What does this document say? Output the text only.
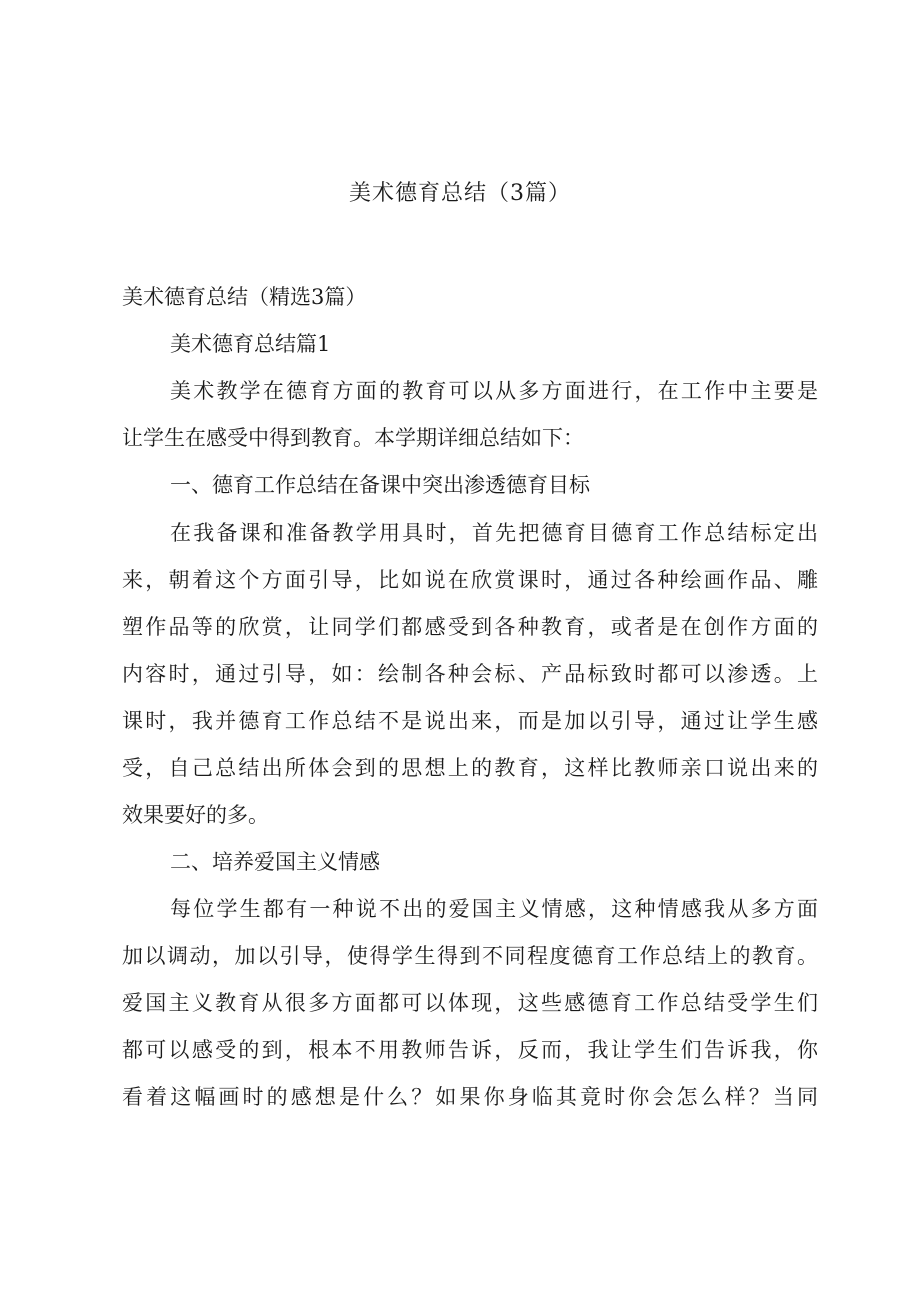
美术德育总结（3篇）
美术德育总结（精选3篇）
美术德育总结篇1
美术教学在德育方面的教育可以从多方面进行，在工作中主要是
让学生在感受中得到教育。本学期详细总结如下：
一、德育工作总结在备课中突出渗透德育目标
在我备课和准备教学用具时，首先把德育目德育工作总结标定出
来，朝着这个方面引导，比如说在欣赏课时，通过各种绘画作品、雕
塑作品等的欣赏，让同学们都感受到各种教育，或者是在创作方面的
内容时，通过引导，如：绘制各种会标、产品标致时都可以渗透。上
课时，我并德育工作总结不是说出来，而是加以引导，通过让学生感
受，自己总结出所体会到的思想上的教育，这样比教师亲口说出来的
效果要好的多。
二、培养爱国主义情感
每位学生都有一种说不出的爱国主义情感，这种情感我从多方面
加以调动，加以引导，使得学生得到不同程度德育工作总结上的教育。
爱国主义教育从很多方面都可以体现，这些感德育工作总结受学生们
都可以感受的到，根本不用教师告诉，反而，我让学生们告诉我，你
看着这幅画时的感想是什么？如果你身临其竟时你会怎么样？当同
